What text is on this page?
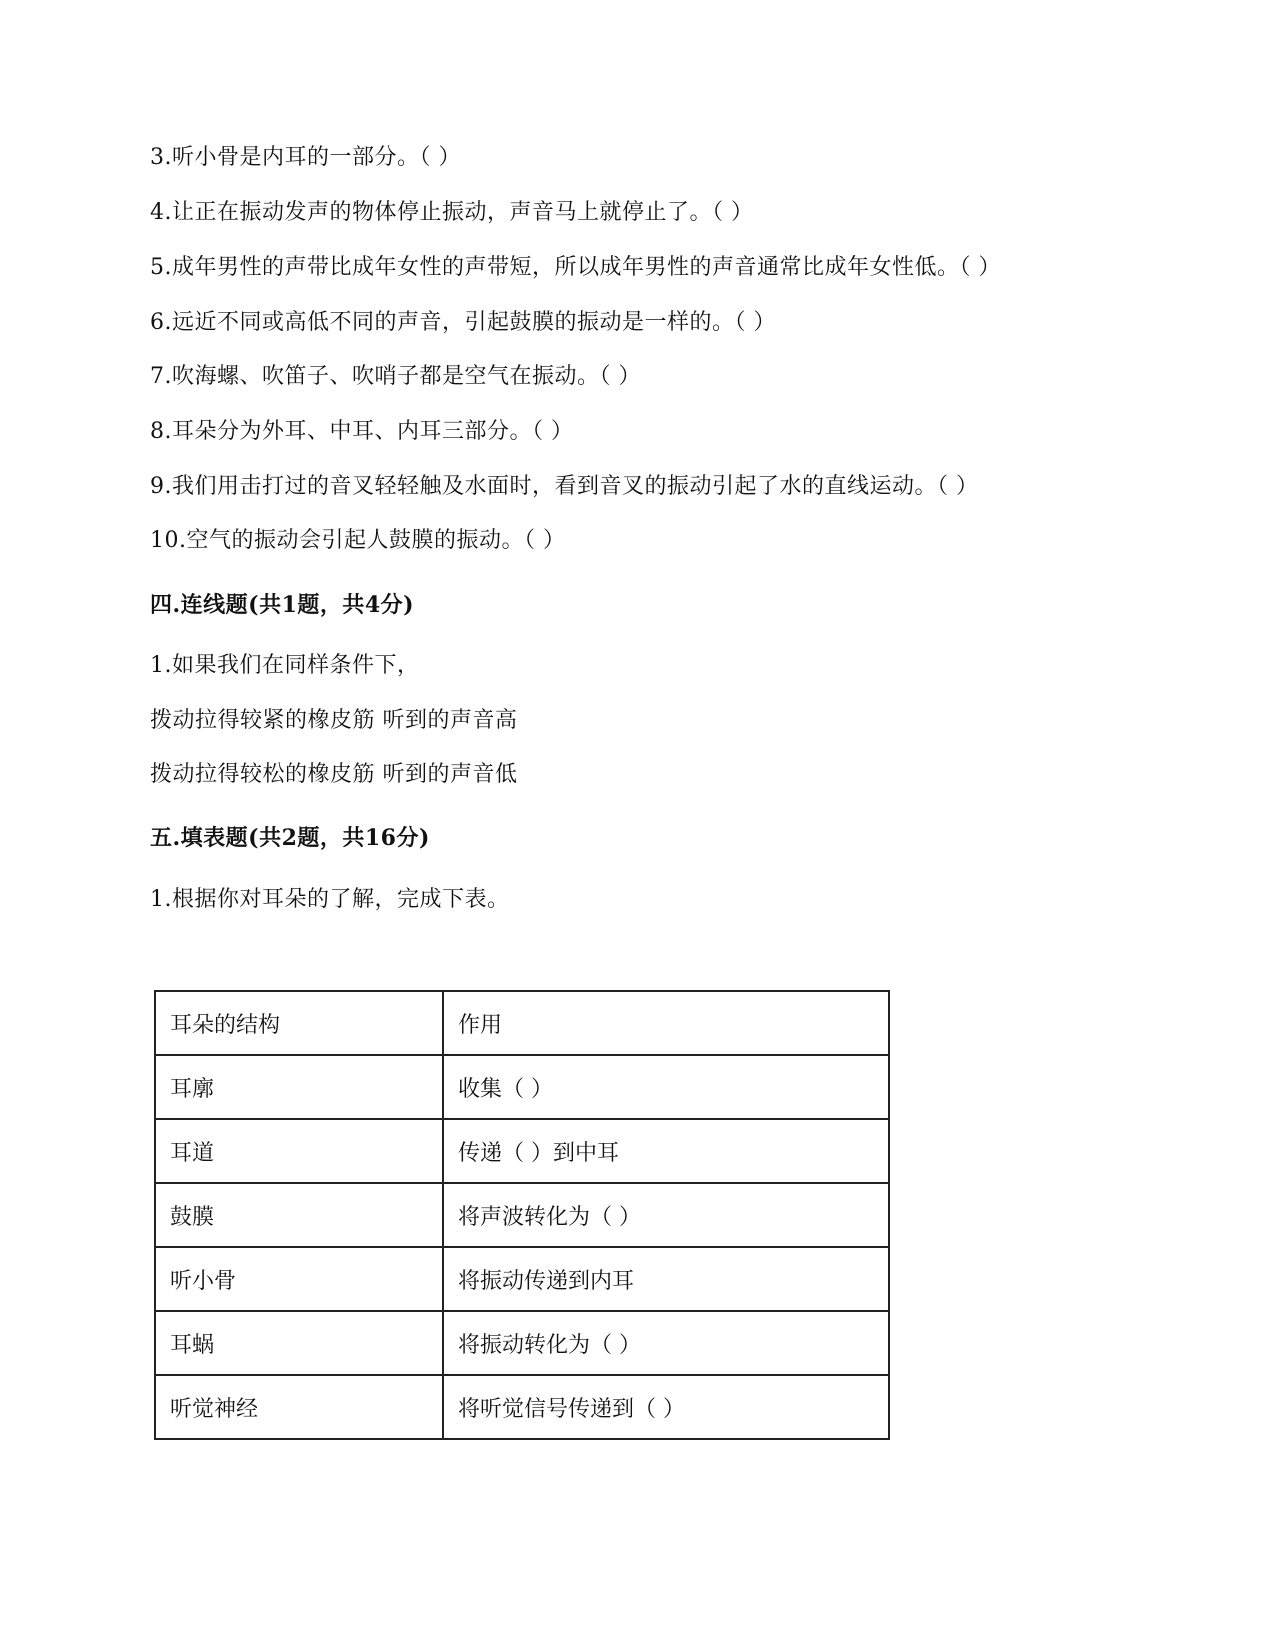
3.听小骨是内耳的一部分。（ ）
4.让正在振动发声的物体停止振动，声音马上就停止了。（ ）
5.成年男性的声带比成年女性的声带短，所以成年男性的声音通常比成年女性低。（ ）
6.远近不同或高低不同的声音，引起鼓膜的振动是一样的。（ ）
7.吹海螺、吹笛子、吹哨子都是空气在振动。（ ）
8.耳朵分为外耳、中耳、内耳三部分。（ ）
9.我们用击打过的音叉轻轻触及水面时，看到音叉的振动引起了水的直线运动。（ ）
10.空气的振动会引起人鼓膜的振动。（ ）
四.连线题(共1题，共4分)
1.如果我们在同样条件下，
拨动拉得较紧的橡皮筋 听到的声音高
拨动拉得较松的橡皮筋 听到的声音低
五.填表题(共2题，共16分)
1.根据你对耳朵的了解，完成下表。
耳朵的结构	作用
耳廓	收集（ ）
耳道	传递（ ）到中耳
鼓膜	将声波转化为（ ）
听小骨	将振动传递到内耳
耳蜗	将振动转化为（ ）
听觉神经	将听觉信号传递到（ ）
